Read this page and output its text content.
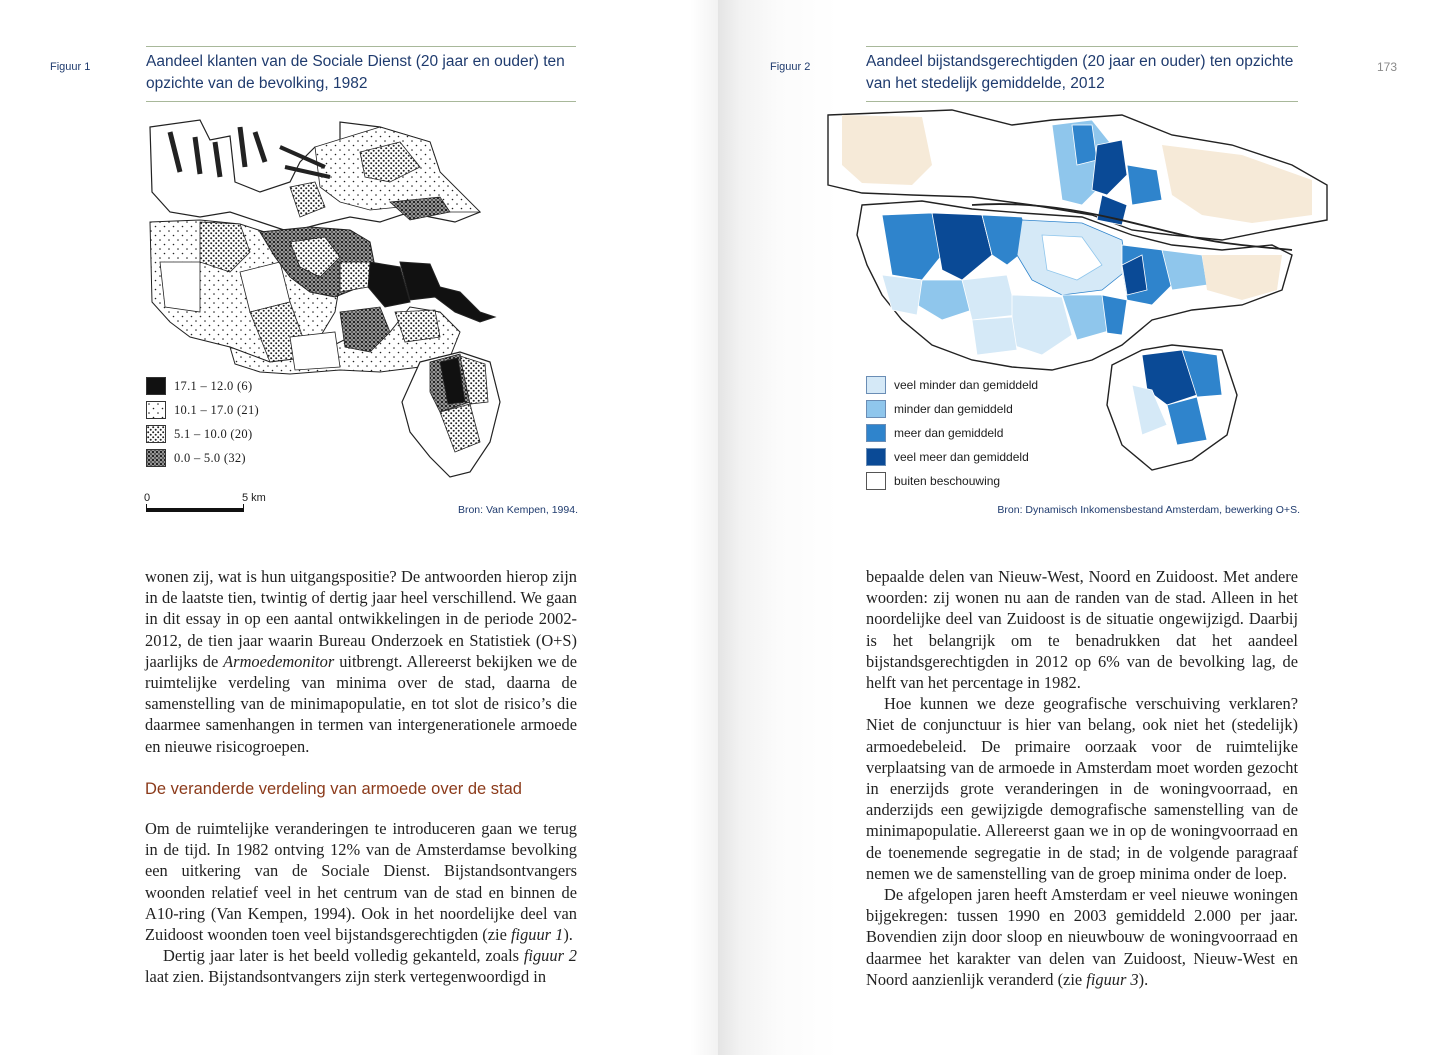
Figuur 1	Aandeel klanten van de Sociale Dienst (20 jaar en ouder) ten opzichte van de bevolking, 1982
17.1 – 12.0 (6)
10.1 – 17.0 (21)
5.1 – 10.0 (20)
0.0 – 5.0 (32)
0	5 km
Bron: Van Kempen, 1994.

wonen zij, wat is hun uitgangspositie? De antwoorden hierop zijn in de laatste tien, twintig of dertig jaar heel verschillend. We gaan in dit essay in op een aantal ontwikkelingen in de periode 2002-2012, de tien jaar waarin Bureau Onderzoek en Statistiek (O+S) jaarlijks de Armoedemonitor uitbrengt. Allereerst bekijken we de ruimtelijke verdeling van minima over de stad, daarna de samenstelling van de minimapopulatie, en tot slot de risico’s die daarmee samenhangen in termen van intergenerationele armoede en nieuwe risicogroepen.

De veranderde verdeling van armoede over de stad

Om de ruimtelijke veranderingen te introduceren gaan we terug in de tijd. In 1982 ontving 12% van de Amsterdamse bevolking een uitkering van de Sociale Dienst. Bijstandsontvangers woonden relatief veel in het centrum van de stad en binnen de A10-ring (Van Kempen, 1994). Ook in het noordelijke deel van Zuidoost woonden toen veel bijstandsgerechtigden (zie figuur 1).

Dertig jaar later is het beeld volledig gekanteld, zoals figuur 2 laat zien. Bijstandsontvangers zijn sterk vertegenwoordigd in

Figuur 2	Aandeel bijstandsgerechtigden (20 jaar en ouder) ten opzichte van het stedelijk gemiddelde, 2012
173
veel minder dan gemiddeld
minder dan gemiddeld
meer dan gemiddeld
veel meer dan gemiddeld
buiten beschouwing
Bron: Dynamisch Inkomensbestand Amsterdam, bewerking O+S.

bepaalde delen van Nieuw-West, Noord en Zuidoost. Met andere woorden: zij wonen nu aan de randen van de stad. Alleen in het noordelijke deel van Zuidoost is de situatie ongewijzigd. Daarbij is het belangrijk om te benadrukken dat het aandeel bijstandsgerechtigden in 2012 op 6% van de bevolking lag, de helft van het percentage in 1982.

Hoe kunnen we deze geografische verschuiving verklaren? Niet de conjunctuur is hier van belang, ook niet het (stedelijk) armoedebeleid. De primaire oorzaak voor de ruimtelijke verplaatsing van de armoede in Amsterdam moet worden gezocht in enerzijds grote veranderingen in de woningvoorraad, en anderzijds een gewijzigde demografische samenstelling van de minimapopulatie. Allereerst gaan we in op de woningvoorraad en de toenemende segregatie in de stad; in de volgende paragraaf nemen we de samenstelling van de groep minima onder de loep.

De afgelopen jaren heeft Amsterdam er veel nieuwe woningen bijgekregen: tussen 1990 en 2003 gemiddeld 2.000 per jaar. Bovendien zijn door sloop en nieuwbouw de woningvoorraad en daarmee het karakter van delen van Zuidoost, Nieuw-West en Noord aanzienlijk veranderd (zie figuur 3).
